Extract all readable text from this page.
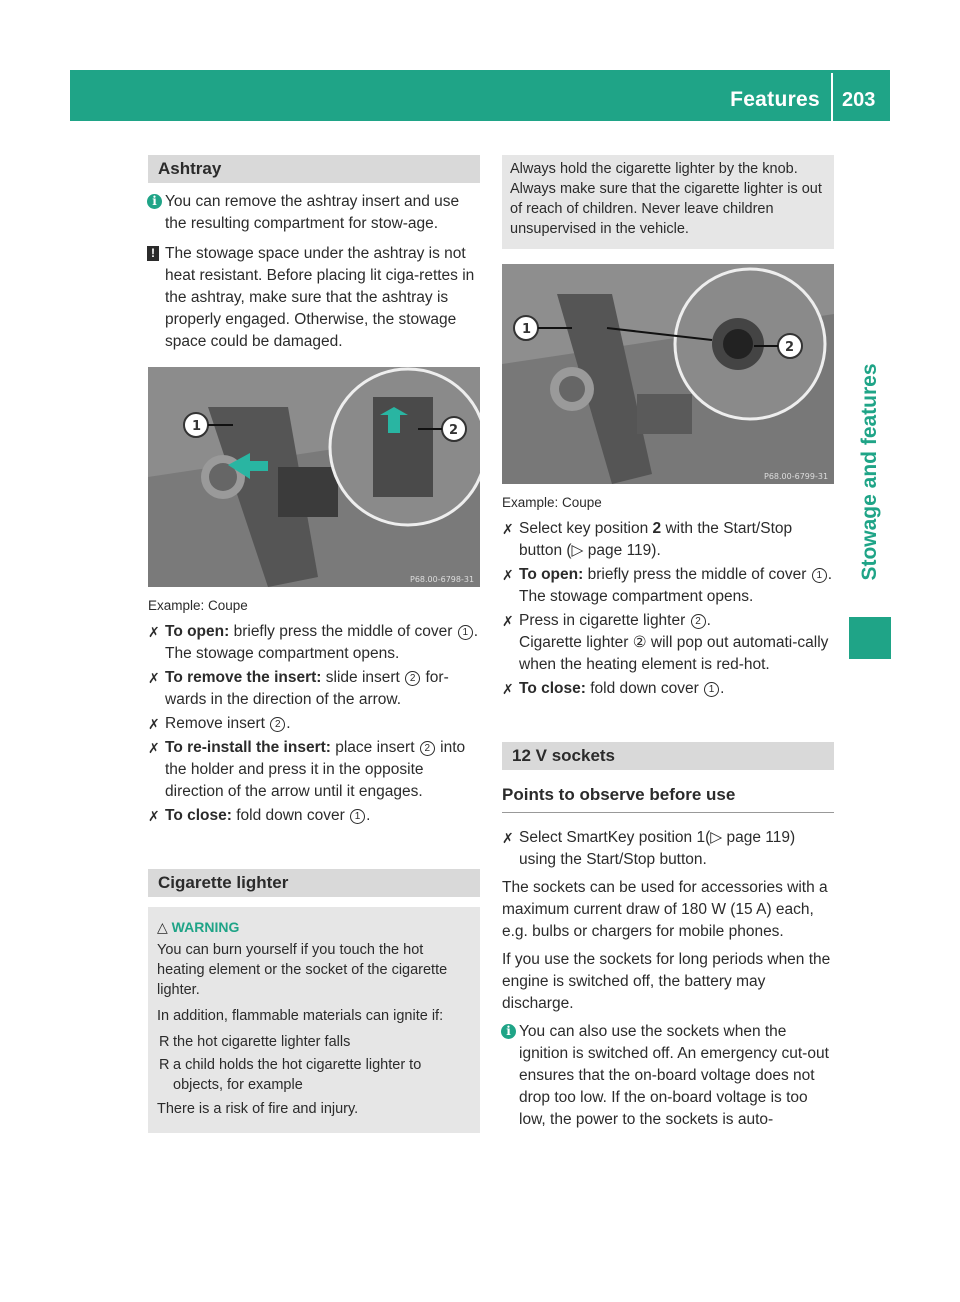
Features 203
Stowage and features
Ashtray
i You can remove the ashtray insert and use the resulting compartment for stow-age.
! The stowage space under the ashtray is not heat resistant. Before placing lit ciga-rettes in the ashtray, make sure that the ashtray is properly engaged. Otherwise, the stowage space could be damaged.
1	2
P68.00-6798-31
Example: Coupe
✗ To open: briefly press the middle of cover 1 .
The stowage compartment opens.
✗ To remove the insert: slide insert 2 for-wards in the direction of the arrow.
✗ Remove insert 2 .
✗ To re-install the insert: place insert 2 into the holder and press it in the opposite direction of the arrow until it engages.
✗ To close: fold down cover 1 .
Cigarette lighter
△ WARNING

You can burn yourself if you touch the hot heating element or the socket of the cigarette lighter.

In addition, flammable materials can ignite if:

R the hot cigarette lighter falls
R a child holds the hot cigarette lighter to objects, for example

There is a risk of fire and injury.

Always hold the cigarette lighter by the knob. Always make sure that the cigarette lighter is out of reach of children. Never leave children unsupervised in the vehicle.
1
2
P68.00-6799-31
Example: Coupe
✗ Select key position 2 with the Start/Stop button (▷ page 119).
✗ To open: briefly press the middle of cover 1 .
The stowage compartment opens.
✗ Press in cigarette lighter 2 .
Cigarette lighter ② will pop out automati-cally when the heating element is red-hot.
✗ To close: fold down cover 1 .
12 V sockets
Points to observe before use
✗ Select SmartKey position 1(▷ page 119) using the Start/Stop button.

The sockets can be used for accessories with a maximum current draw of 180 W (15 A) each, e.g. bulbs or chargers for mobile phones.

If you use the sockets for long periods when the engine is switched off, the battery may discharge.

i You can also use the sockets when the ignition is switched off. An emergency cut-out ensures that the on-board voltage does not drop too low. If the on-board voltage is too low, the power to the sockets is auto-
